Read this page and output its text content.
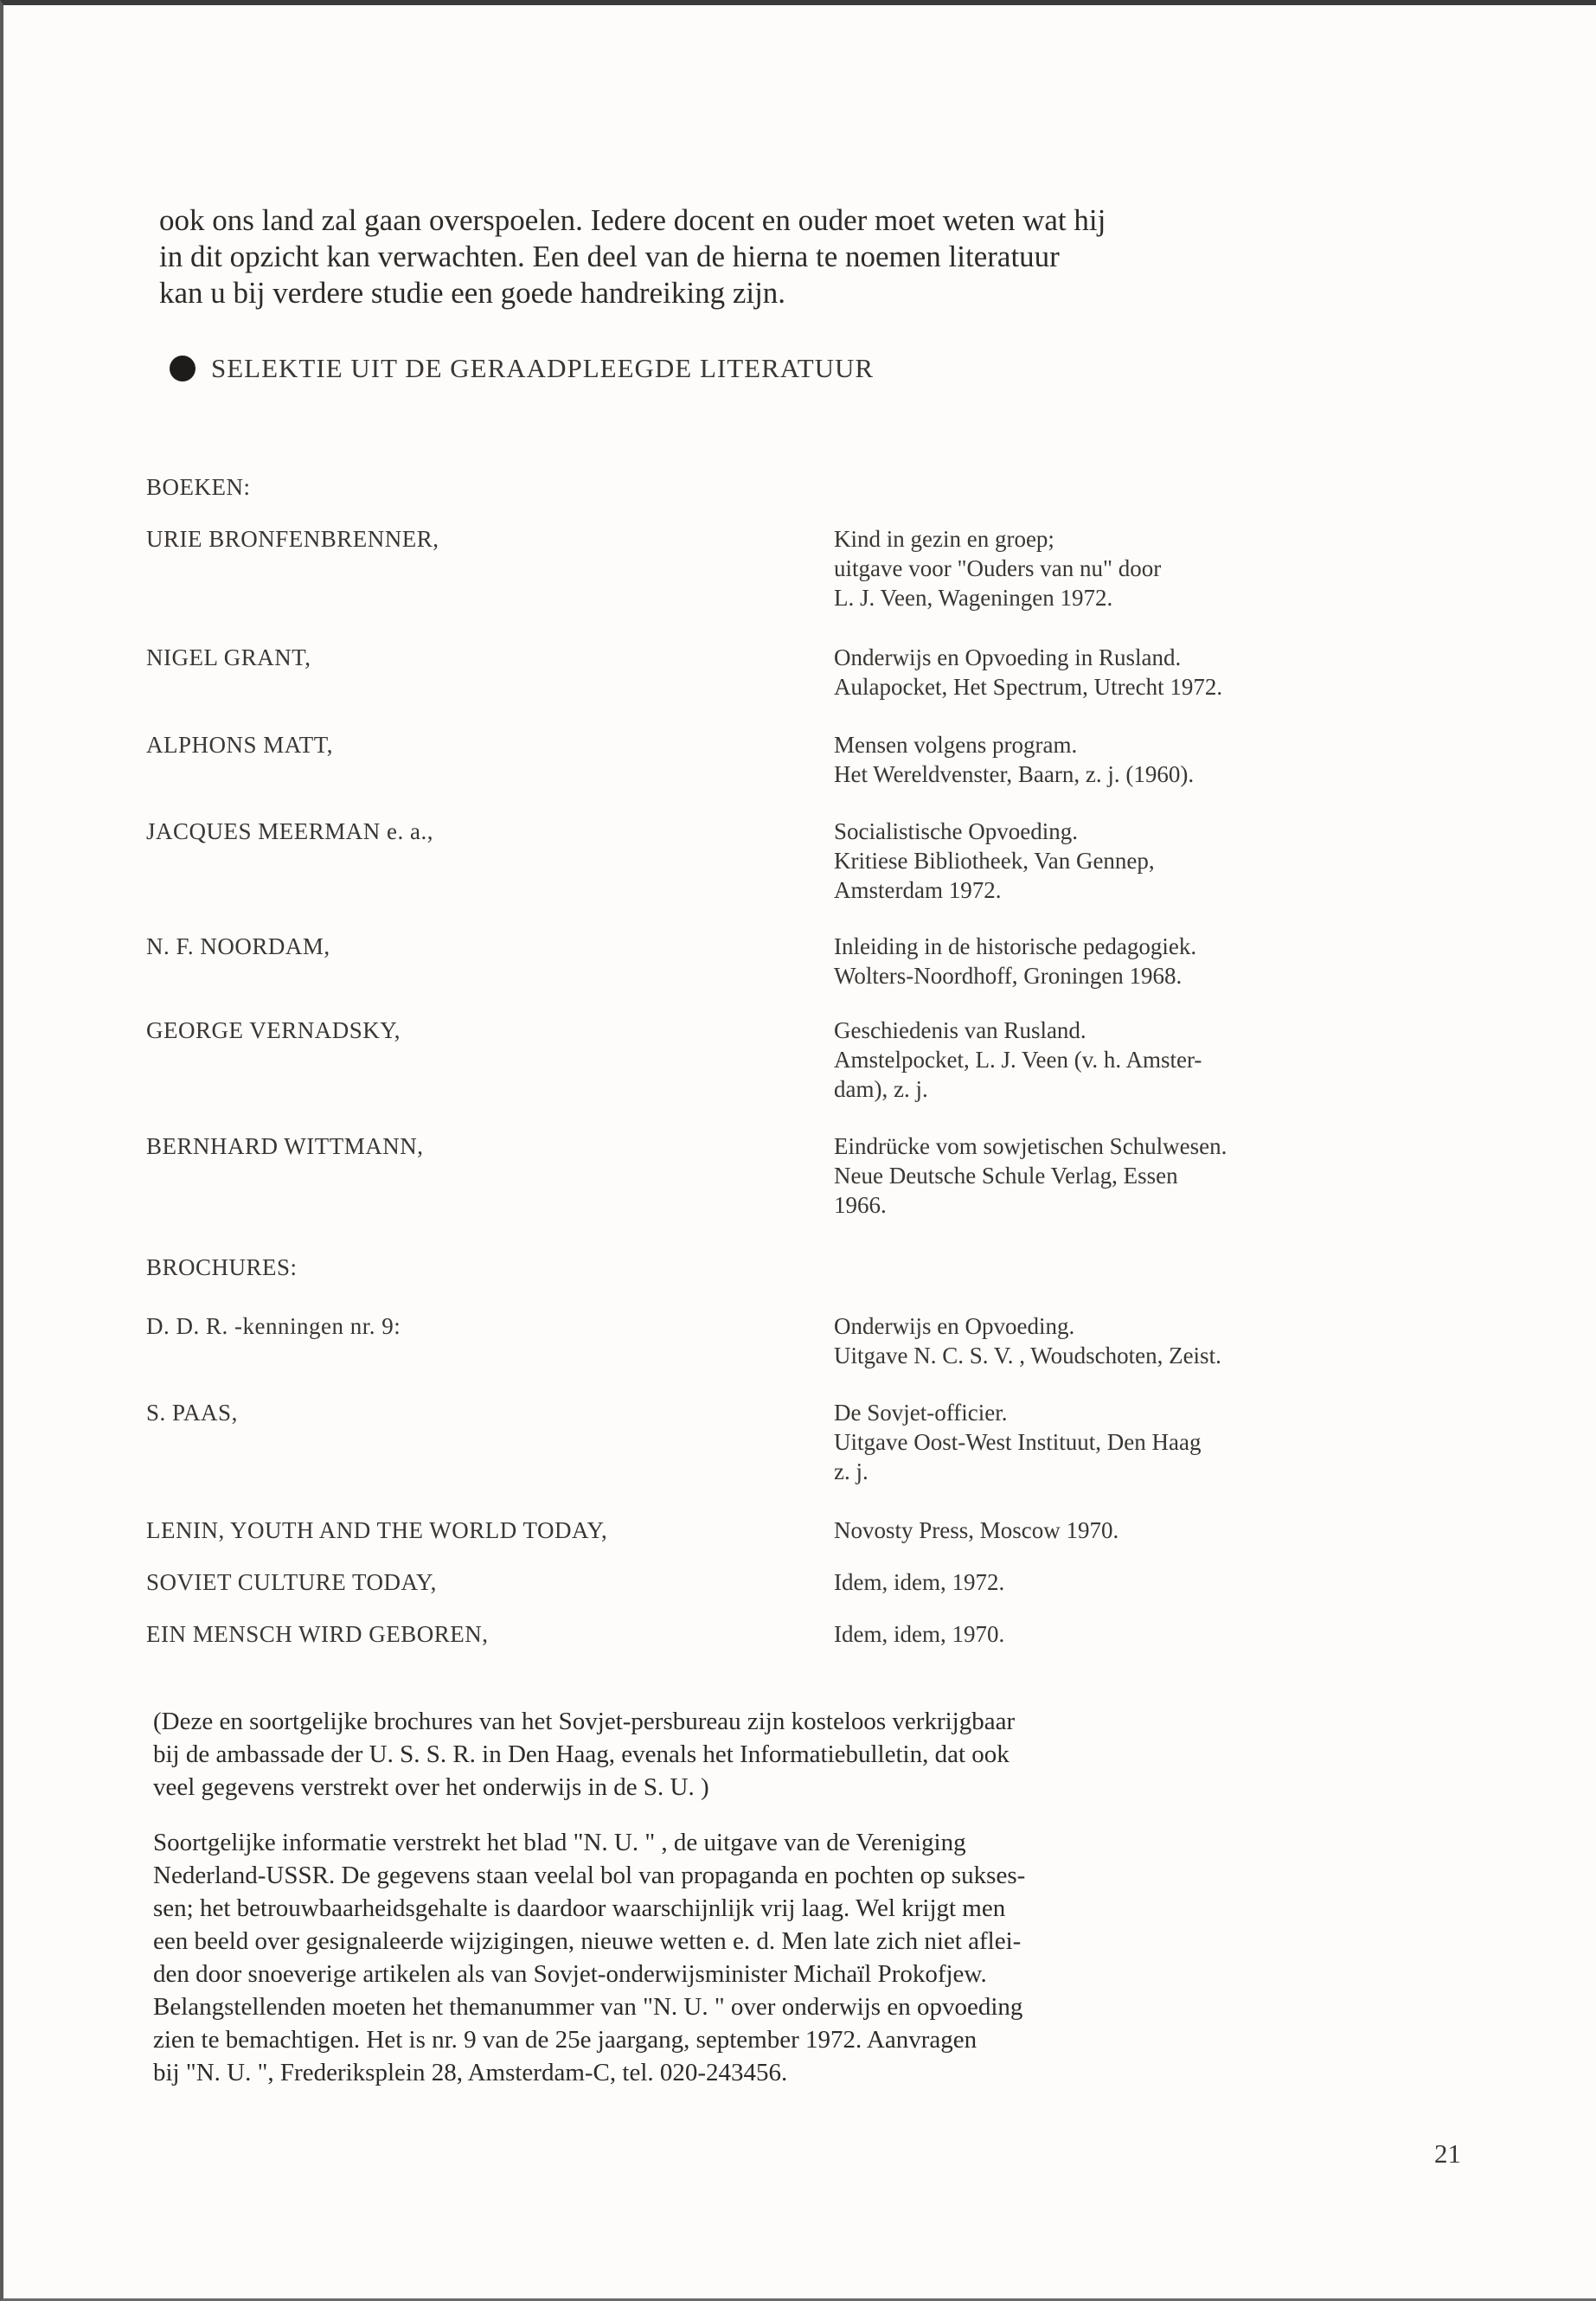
ook ons land zal gaan overspoelen. Iedere docent en ouder moet weten wat hij
in dit opzicht kan verwachten. Een deel van de hierna te noemen literatuur
kan u bij verdere studie een goede handreiking zijn.

SELEKTIE UIT DE GERAADPLEEGDE LITERATUUR
BOEKEN:
URIE BRONFENBRENNER,	Kind in gezin en groep;
uitgave voor "Ouders van nu" door
L. J. Veen, Wageningen 1972.
NIGEL GRANT,	Onderwijs en Opvoeding in Rusland.
Aulapocket, Het Spectrum, Utrecht 1972.
ALPHONS MATT,	Mensen volgens program.
Het Wereldvenster, Baarn, z. j. (1960).
JACQUES MEERMAN e. a.,	Socialistische Opvoeding.
Kritiese Bibliotheek, Van Gennep,
Amsterdam 1972.
N. F. NOORDAM,	Inleiding in de historische pedagogiek.
Wolters-Noordhoff, Groningen 1968.
GEORGE VERNADSKY,	Geschiedenis van Rusland.
Amstelpocket, L. J. Veen (v. h. Amster-
dam), z. j.
BERNHARD WITTMANN,	Eindrücke vom sowjetischen Schulwesen.
Neue Deutsche Schule Verlag, Essen
1966.
BROCHURES:
D. D. R. -kenningen nr. 9:	Onderwijs en Opvoeding.
Uitgave N. C. S. V. , Woudschoten, Zeist.
S. PAAS,	De Sovjet-officier.
Uitgave Oost-West Instituut, Den Haag
z. j.
LENIN, YOUTH AND THE WORLD TODAY,	Novosty Press, Moscow 1970.
SOVIET CULTURE TODAY,	Idem, idem, 1972.
EIN MENSCH WIRD GEBOREN,	Idem, idem, 1970.

(Deze en soortgelijke brochures van het Sovjet-persbureau zijn kosteloos verkrijgbaar
bij de ambassade der U. S. S. R. in Den Haag, evenals het Informatiebulletin, dat ook
veel gegevens verstrekt over het onderwijs in de S. U. )

Soortgelijke informatie verstrekt het blad "N. U. " , de uitgave van de Vereniging
Nederland-USSR. De gegevens staan veelal bol van propaganda en pochten op sukses-
sen; het betrouwbaarheidsgehalte is daardoor waarschijnlijk vrij laag. Wel krijgt men
een beeld over gesignaleerde wijzigingen, nieuwe wetten e. d. Men late zich niet aflei-
den door snoeverige artikelen als van Sovjet-onderwijsminister Michaïl Prokofjew.
Belangstellenden moeten het themanummer van "N. U. " over onderwijs en opvoeding
zien te bemachtigen. Het is nr. 9 van de 25e jaargang, september 1972. Aanvragen
bij "N. U. ", Frederiksplein 28, Amsterdam-C, tel. 020-243456.

21
